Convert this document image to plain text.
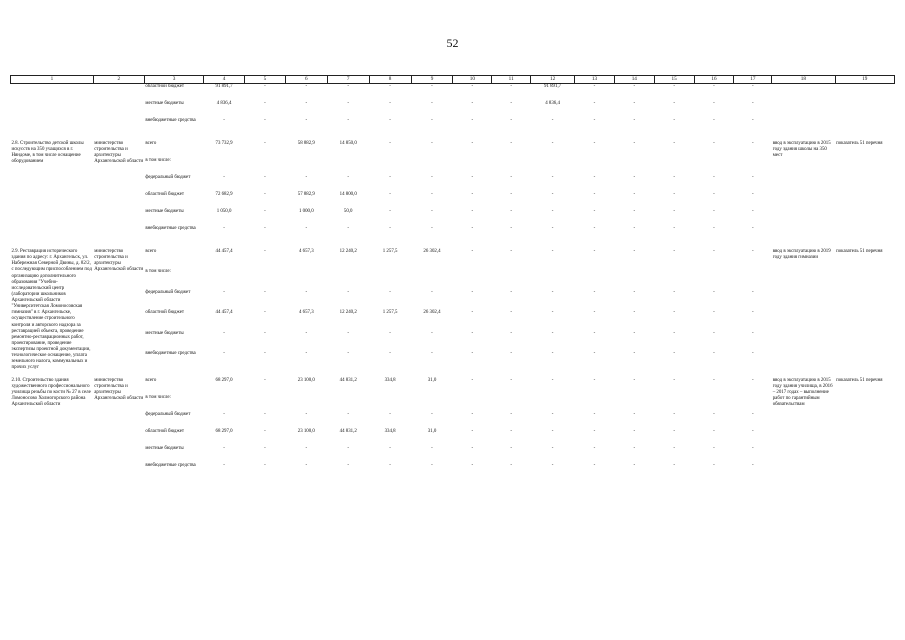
52
1	2	3	4	5	6	7	8	9	10	11	12	13	14	15	16	17	18	19
		областной бюджет	91 891,7	-	-	-	-	-	-	-	91 891,7	-	-	-	-	-		
		местные бюджеты	4 836,4	-	-	-	-	-	-	-	4 836,4	-	-	-	-	-		
		внебюджетные средства	-	-	-	-	-	-	-	-	-	-	-	-	-	-		

2.8. Строительство детской школы искусств на 350 учащихся в г. Няндоме, в том числе оснащение оборудованием	министерство строительства и архитектуры Архангельской области	всего	73 732,9	-	58 882,9	14 850,0	-	-	-	-	-	-	-	-	-	-	ввод в эксплуатацию в 2015 году здания школы на 350 мест	показатель 51 перечня
		в том числе:																
		федеральный бюджет	-	-	-	-	-	-	-	-	-	-	-	-	-	-		
		областной бюджет	72 682,9	-	57 882,9	14 800,0	-	-	-	-	-	-	-	-	-	-		
		местные бюджеты	1 050,0	-	1 000,0	50,0	-	-	-	-	-	-	-	-	-	-		
		внебюджетные средства	-	-	-	-	-	-	-	-	-	-	-	-	-	-		

2.9. Реставрация исторического здания по адресу: г. Архангельск, ул. Набережная Северной Двины, д. 82/2, с последующим приспособлением под организацию дополнительного образования "Учебно-исследовательский центр (лаборатории школьников Архангельской области "Университетская Ломоносовская гимназия" в г. Архангельске, осуществление строительного контроля и авторского надзора за реставрацией объекта, проведение ремонтно-реставрационных работ, проектирование, проведение экспертизы проектной документации, технологическое оснащение, уплата земельного налога, коммунальных и прочих услуг	министерство строительства и архитектуры Архангельской области	всего	44 457,4	-	4 657,3	12 240,2	1 257,5	26 302,4	-	-	-	-	-	-	-	-	ввод в эксплуатацию в 2019 году здания гимназии	показатель 51 перечня
		в том числе:																
		федеральный бюджет	-	-	-	-	-	-	-	-	-	-	-	-	-	-		
		областной бюджет	44 457,4	-	4 657,3	12 240,2	1 257,5	26 302,4	-	-	-	-	-	-	-	-		
		местные бюджеты	-	-	-	-	-	-	-	-	-	-	-	-	-	-		
		внебюджетные средства	-	-	-	-	-	-	-	-	-	-	-	-	-	-		

2.10. Строительство здания художественного профессионального училища резьбы по кости № 27 в селе Ломоносово Холмогорского района Архангельской области	министерство строительства и архитектуры Архангельской области	всего	68 297,0	-	23 100,0	44 831,2	334,8	31,0	-	-	-	-	-	-	-	-	ввод в эксплуатацию в 2015 году здания училища, в 2016 – 2017 годах – выполнение работ по гарантийным обязательствам	показатель 51 перечня
		в том числе:																
		федеральный бюджет	-	-	-	-	-	-	-	-	-	-	-	-	-	-		
		областной бюджет	68 297,0	-	23 100,0	44 831,2	334,8	31,0	-	-	-	-	-	-	-	-		
		местные бюджеты	-	-	-	-	-	-	-	-	-	-	-	-	-	-		
		внебюджетные средства	-	-	-	-	-	-	-	-	-	-	-	-	-	-		
